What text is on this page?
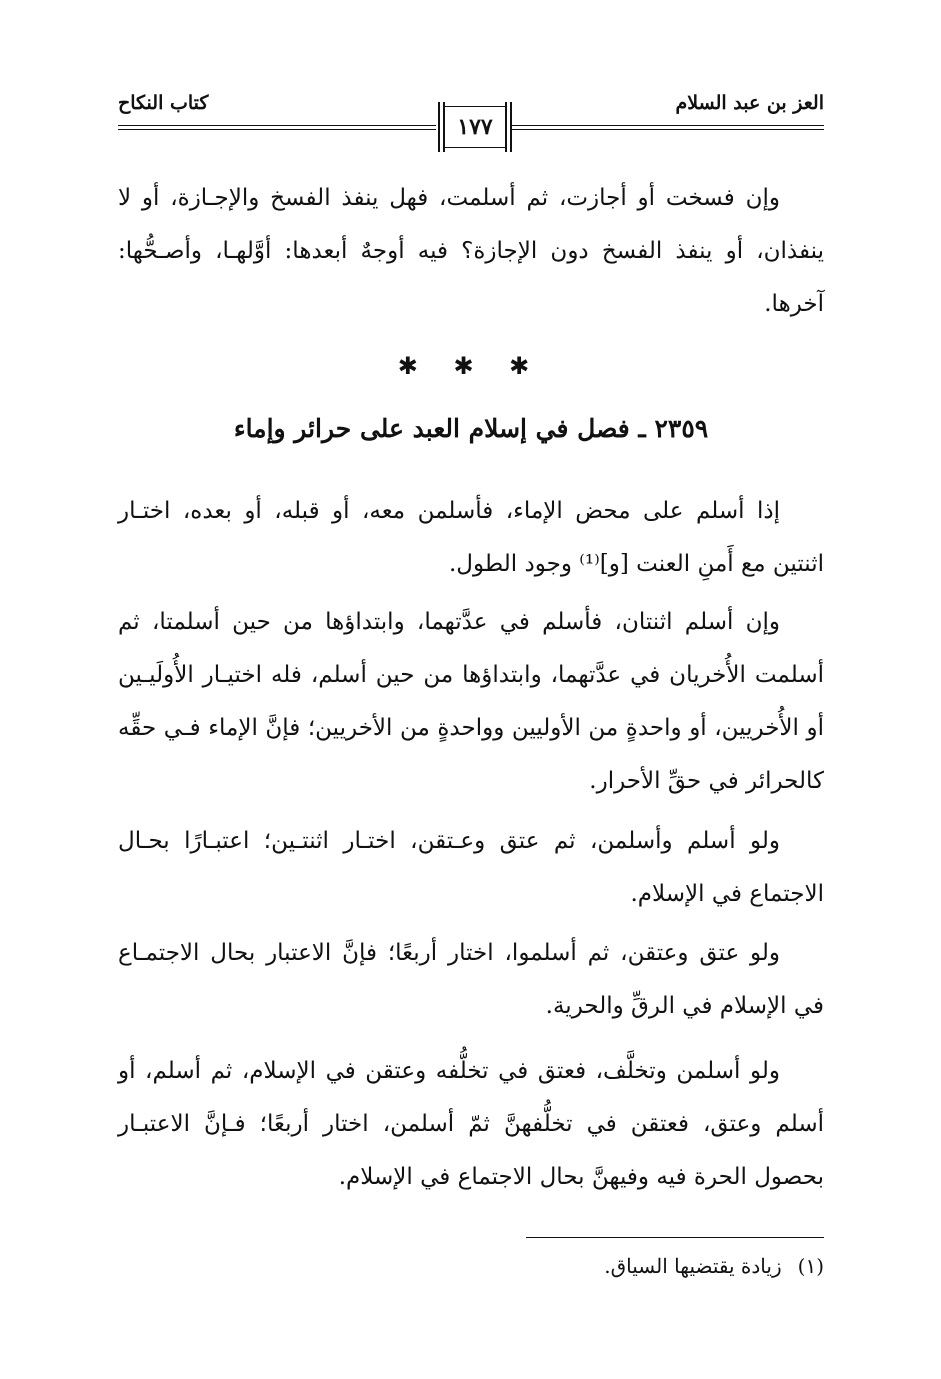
العز بن عبد السلام
كتاب النكاح
١٧٧
وإن فسخت أو أجازت، ثم أسلمت، فهل ينفذ الفسخ والإجـازة، أو لا ينفذان، أو ينفذ الفسخ دون الإجازة؟ فيه أوجهٌ أبعدها: أوَّلهـا، وأصـحُّها: آخرها.
✱ ✱ ✱
٢٣٥٩ ـ فصل في إسلام العبد على حرائر وإماء
إذا أسلم على محض الإماء، فأسلمن معه، أو قبله، أو بعده، اختـار اثنتين مع أَمنِ العنت [و]⁽¹⁾ وجود الطول.
وإن أسلم اثنتان، فأسلم في عدَّتهما، وابتداؤها من حين أسلمتا، ثم أسلمت الأُخريان في عدَّتهما، وابتداؤها من حين أسلم، فله اختيـار الأُولَيـين أو الأُخريين، أو واحدةٍ من الأوليين وواحدةٍ من الأخريين؛ فإنَّ الإماء فـي حقِّه كالحرائر في حقِّ الأحرار.
ولو أسلم وأسلمن، ثم عتق وعـتقن، اختـار اثنتـين؛ اعتبـارًا بحـال الاجتماع في الإسلام.
ولو عتق وعتقن، ثم أسلموا، اختار أربعًا؛ فإنَّ الاعتبار بحال الاجتمـاع في الإسلام في الرقِّ والحرية.
ولو أسلمن وتخلَّف، فعتق في تخلُّفه وعتقن في الإسلام، ثم أسلم، أو أسلم وعتق، فعتقن في تخلُّفهنَّ ثمّ أسلمن، اختار أربعًا؛ فـإنَّ الاعتبـار بحصول الحرة فيه وفيهنَّ بحال الاجتماع في الإسلام.
(١)زيادة يقتضيها السياق.
